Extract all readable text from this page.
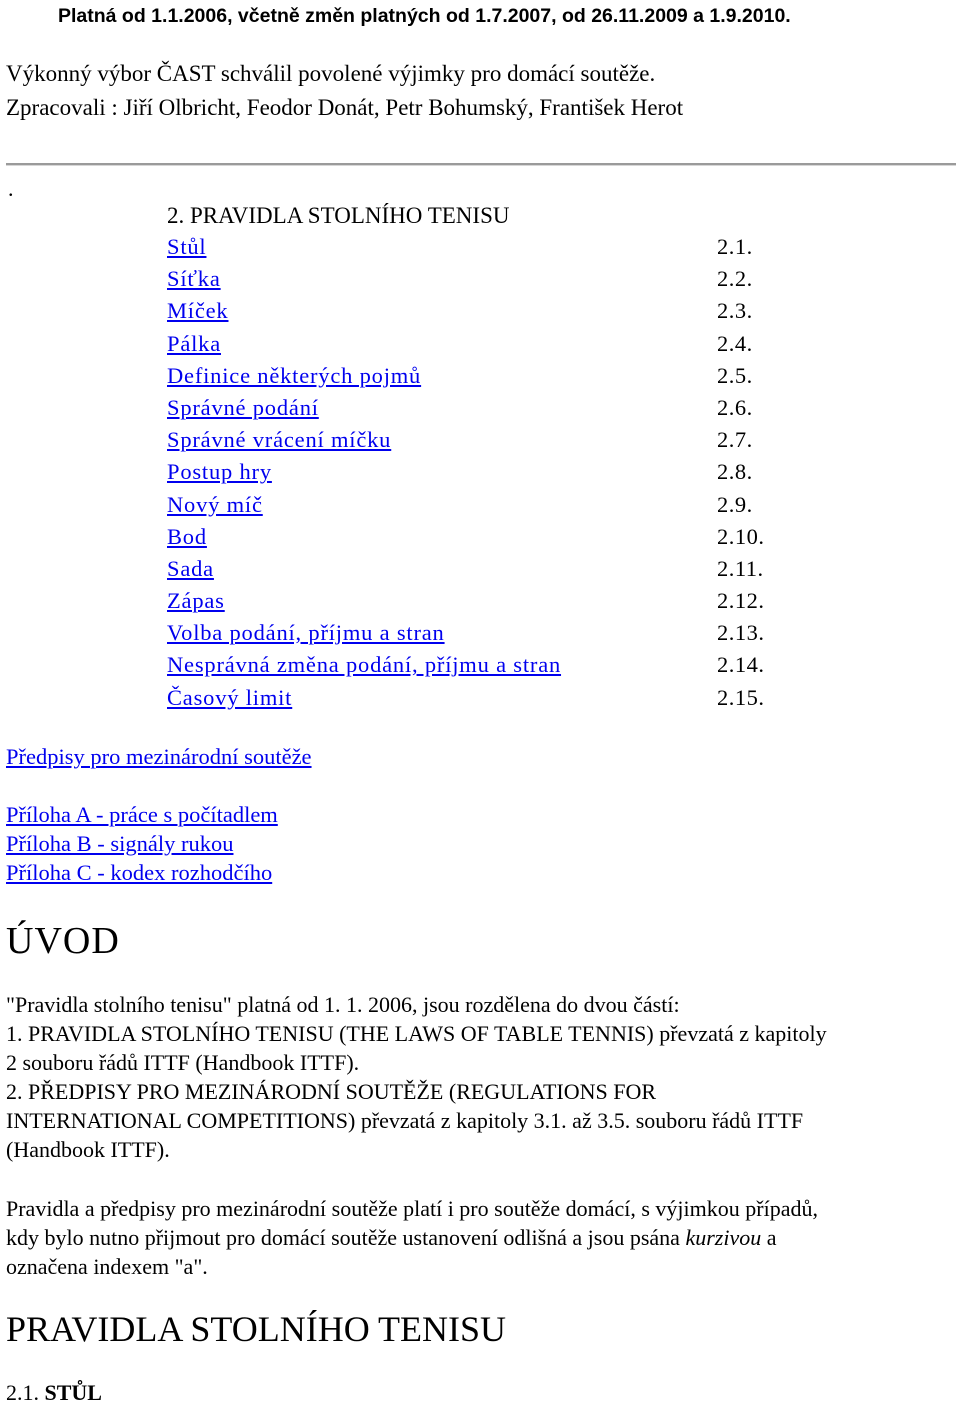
Platná od 1.1.2006, včetně změn platných od 1.7.2007, od 26.11.2009 a 1.9.2010.
Výkonný výbor ČAST schválil povolené výjimky pro domácí soutěže.
Zpracovali : Jiří Olbricht, Feodor Donát, Petr Bohumský, František Herot
.
2. PRAVIDLA STOLNÍHO TENISU
Stůl	2.1.
Síťka	2.2.
Míček	2.3.
Pálka	2.4.
Definice některých pojmů	2.5.
Správné podání	2.6.
Správné vrácení míčku	2.7.
Postup hry	2.8.
Nový míč	2.9.
Bod	2.10.
Sada	2.11.
Zápas	2.12.
Volba podání, příjmu a stran	2.13.
Nesprávná změna podání, příjmu a stran	2.14.
Časový limit	2.15.
Předpisy pro mezinárodní soutěže
Příloha A - práce s počítadlem
Příloha B - signály rukou
Příloha C - kodex rozhodčího
ÚVOD
"Pravidla stolního tenisu" platná od 1. 1. 2006, jsou rozdělena do dvou částí:
1. PRAVIDLA STOLNÍHO TENISU (THE LAWS OF TABLE TENNIS) převzatá z kapitoly
2 souboru řádů ITTF (Handbook ITTF).
2. PŘEDPISY PRO MEZINÁRODNÍ SOUTĚŽE (REGULATIONS FOR
INTERNATIONAL COMPETITIONS) převzatá z kapitoly 3.1. až 3.5. souboru řádů ITTF
(Handbook ITTF).
Pravidla a předpisy pro mezinárodní soutěže platí i pro soutěže domácí, s výjimkou případů,
kdy bylo nutno přijmout pro domácí soutěže ustanovení odlišná a jsou psána kurzivou a
označena indexem "a".
PRAVIDLA STOLNÍHO TENISU
2.1. STŮL
